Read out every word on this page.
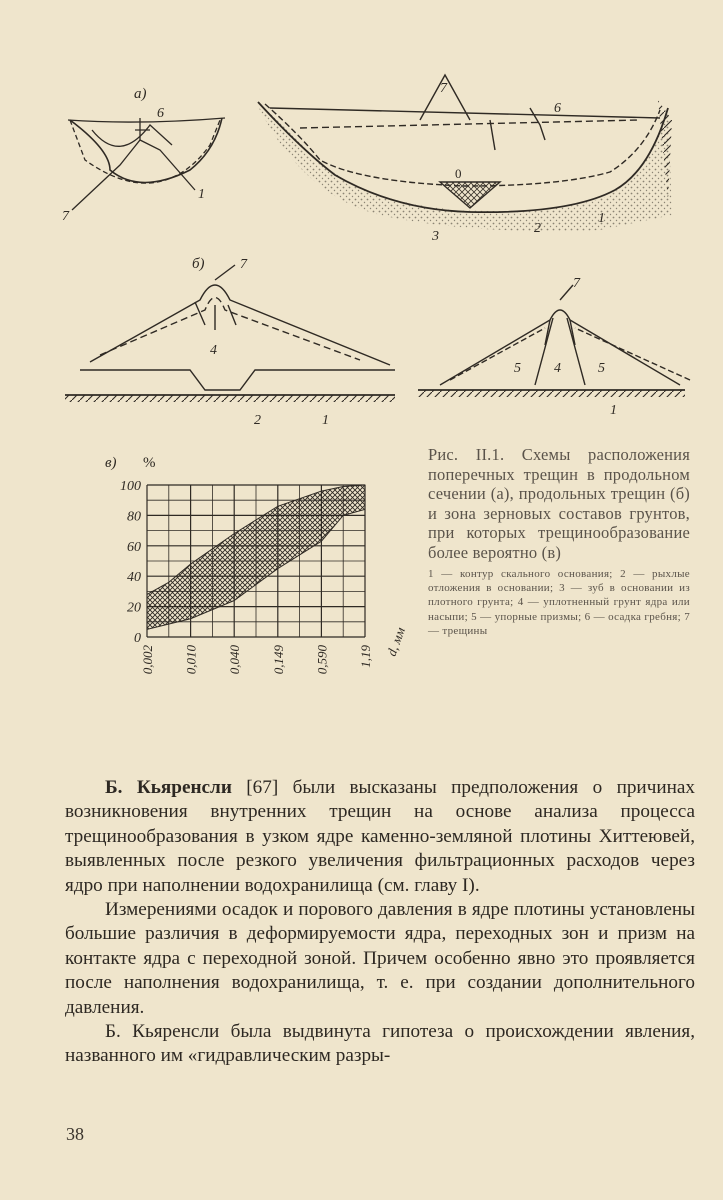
а)
7
6
1
7
6
0
3
2
1
б)	7
4
2	1
7
5 4	5
1
0
20
40
60
80
100
0,002 0,010 0,040 0,149 0,590 1,19
в) %
d, мм
Рис. II.1. Схемы расположения поперечных трещин в продольном сечении (а), продольных трещин (б) и зона зерновых составов грунтов, при которых трещинообразование более вероятно (в)
1 — контур скального основания; 2 — рыхлые отложения в основании; 3 — зуб в основании из плотного грунта; 4 — уплотненный грунт ядра или насыпи; 5 — упорные призмы; 6 — осадка гребня; 7 — трещины

Б. Кьяренсли [67] были высказаны предположения о причинах возникновения внутренних трещин на основе анализа процесса трещинообразования в узком ядре каменно-земляной плотины Хиттеювей, выявленных после резкого увеличения фильтрационных расходов через ядро при наполнении водохранилища (см. главу I).

Измерениями осадок и порового давления в ядре плотины установлены большие различия в деформируемости ядра, переходных зон и призм на контакте ядра с переходной зоной. Причем особенно явно это проявляется после наполнения водохранилища, т. е. при создании дополнительного давления.

Б. Кьяренсли была выдвинута гипотеза о происхождении явления, названного им «гидравлическим разры-

38
